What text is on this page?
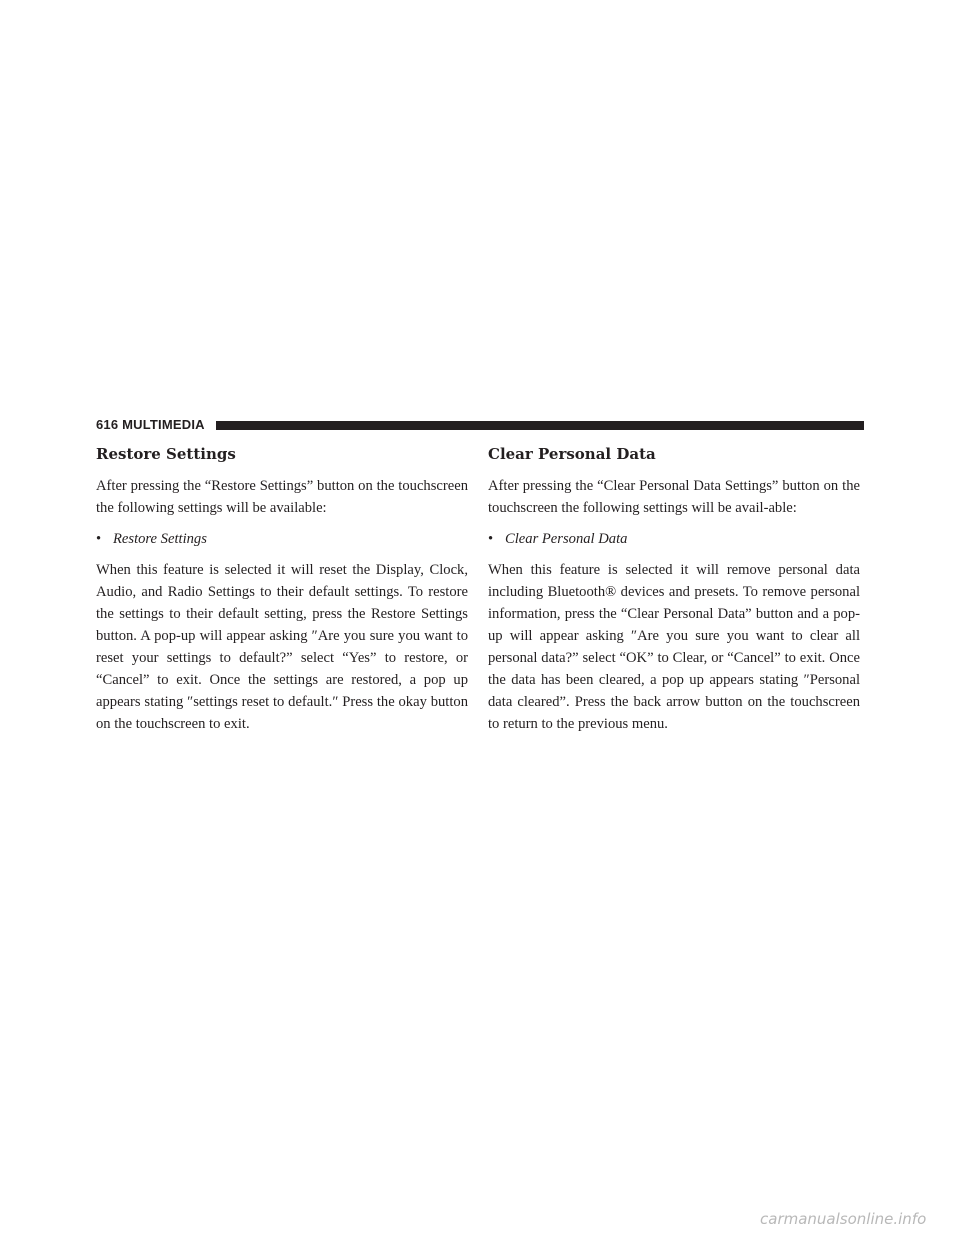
616 MULTIMEDIA
Restore Settings

After pressing the “Restore Settings” button on the touchscreen the following settings will be available:

• Restore Settings

When this feature is selected it will reset the Display, Clock, Audio, and Radio Settings to their default settings. To restore the settings to their default setting, press the Restore Settings button. A pop-up will appear asking ″Are you sure you want to reset your settings to default?” select “Yes” to restore, or “Cancel” to exit. Once the settings are restored, a pop up appears stating ″settings reset to default.″ Press the okay button on the touchscreen to exit.

Clear Personal Data

After pressing the “Clear Personal Data Settings” button on the touchscreen the following settings will be avail-able:

• Clear Personal Data

When this feature is selected it will remove personal data including Bluetooth® devices and presets. To remove personal information, press the “Clear Personal Data” button and a pop-up will appear asking ″Are you sure you want to clear all personal data?” select “OK” to Clear, or “Cancel” to exit. Once the data has been cleared, a pop up appears stating ″Personal data cleared”. Press the back arrow button on the touchscreen to return to the previous menu.

carmanualsonline.info
